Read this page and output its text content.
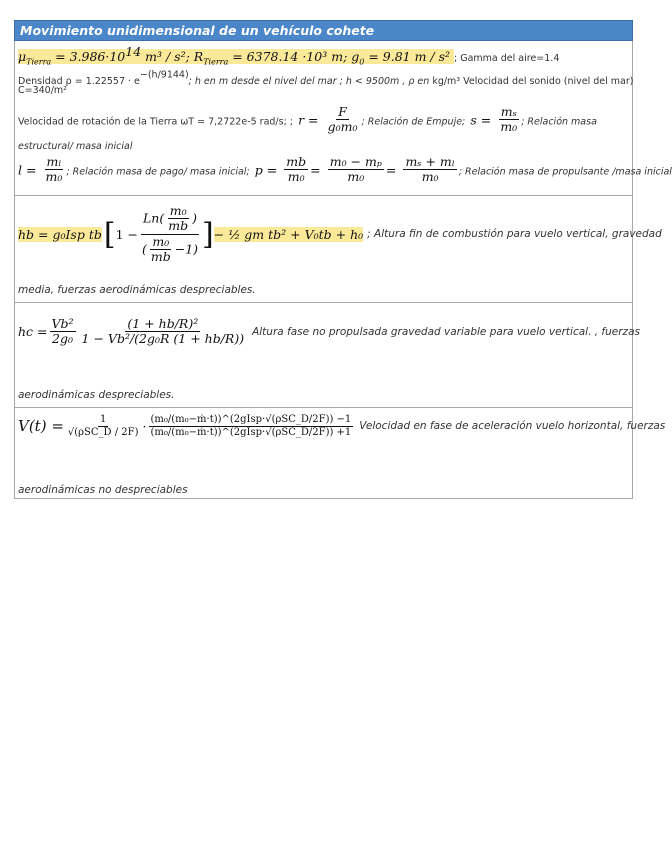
Movimiento unidimensional de un vehículo cohete
$\mu_{Tierra} = 3.986\cdot 10^{14}$ m³ / s²; $R_{Tierra} = 6378.14 \cdot 10^3$ m; $g_0 = 9.81$ m / s² ; Gamma del aire=1.4
Densidad $\rho = 1.22557 \cdot e^{-(h/9144)}$; h en m desde el nivel del mar ; h < 9500m , ρ en kg/m³ Velocidad del sonido (nivel del mar)
C=340/m²
Velocidad de rotación de la Tierra ωT = 7,2722e-5 rad/s; ; $r = \frac{F}{\text{g₀m₀}}$ ; Relación de Empuje; $s = \frac{\text{mₛ}}{\text{m₀}}$ ; Relación masa
estructural/ masa inicial
$l = \frac{\text{mₗ}}{\text{m₀}}$ ; Relación masa de pago/ masa inicial; $p = \frac{mb}{\text{m₀}} = \frac{\text{m₀ − mₚ}}{\text{m₀}} = \frac{\text{mₛ + mₗ}}{\text{m₀}}$ ; Relación masa de propulsante /masa inicial
hb = g₀Isp tb [ $1 - \frac{Ln( \frac{\text{m₀}}{mb} )}{( \frac{\text{m₀}}{mb} -1)}$ ] − ½ gm tb² + V₀tb + h₀ ; Altura fin de combustión para vuelo vertical, gravedad
media, fuerzas aerodinámicas despreciables.
hc = $\frac{\text{Vb²}}{\text{2g₀}} \frac{\text{(1 + hb/R)²}}{\text{1 − Vb²/(2g₀R (1 + hb/R))}}$ Altura fase no propulsada gravedad variable para vuelo vertical. , fuerzas
aerodinámicas despreciables.
$V(t) = \frac{1}{\text{√(ρSC\_D / 2F)}} \cdot \frac{\text{(m₀/(m₀−ṁ·t))\textasciicircum{}(2gIsp·√(ρSC\_D/2F)) −1}}{\text{(m₀/(m₀−ṁ·t))\textasciicircum{}(2gIsp·√(ρSC\_D/2F)) +1}}$ Velocidad en fase de aceleración vuelo horizontal, fuerzas
aerodinámicas no despreciables
